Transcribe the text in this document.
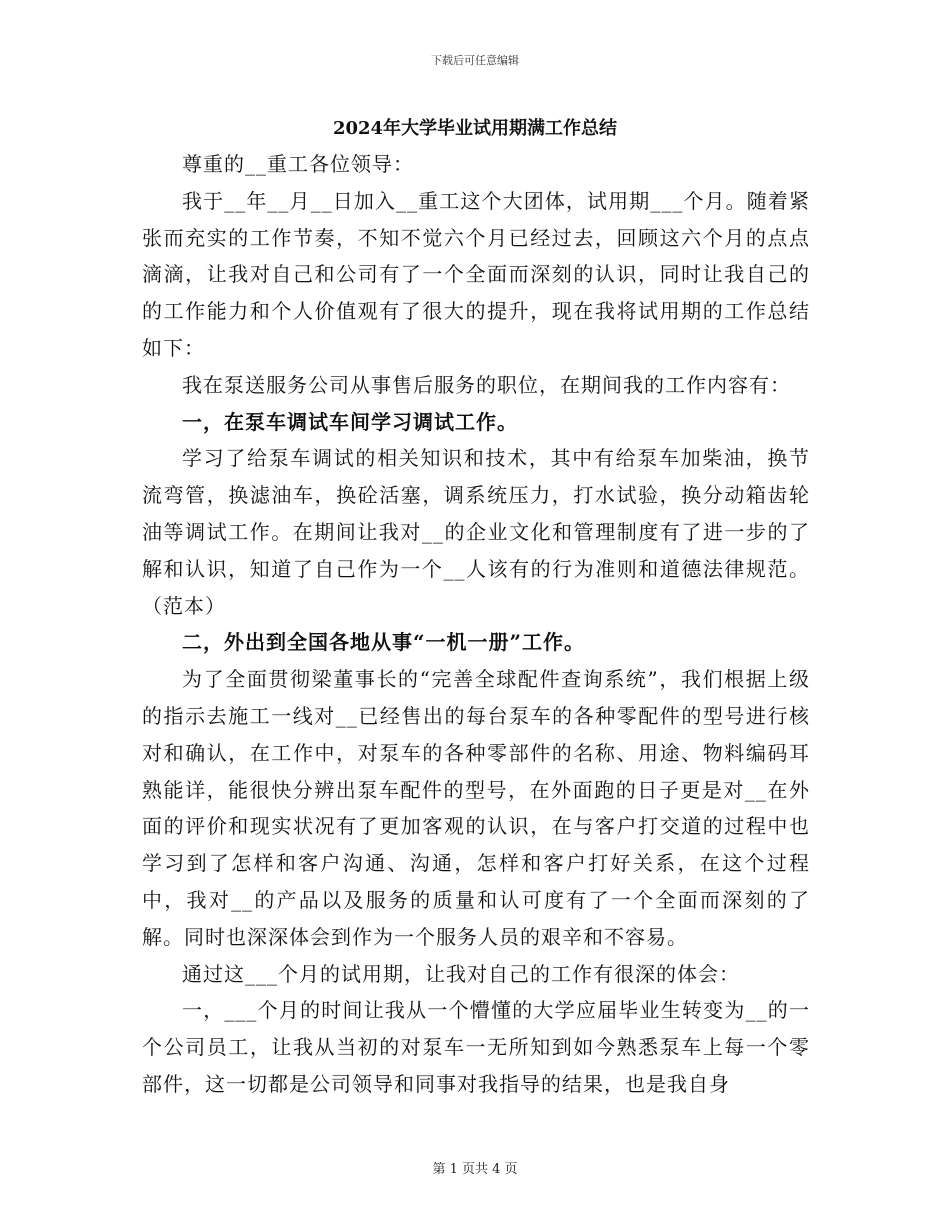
下载后可任意编辑
2024年大学毕业试用期满工作总结

尊重的__重工各位领导：

我于__年__月__日加入__重工这个大团体，试用期___个月。随着紧张而充实的工作节奏，不知不觉六个月已经过去，回顾这六个月的点点滴滴，让我对自己和公司有了一个全面而深刻的认识，同时让我自己的的工作能力和个人价值观有了很大的提升，现在我将试用期的工作总结如下：

我在泵送服务公司从事售后服务的职位，在期间我的工作内容有：

一，在泵车调试车间学习调试工作。

学习了给泵车调试的相关知识和技术，其中有给泵车加柴油，换节流弯管，换滤油车，换砼活塞，调系统压力，打水试验，换分动箱齿轮油等调试工作。在期间让我对__的企业文化和管理制度有了进一步的了解和认识，知道了自己作为一个__人该有的行为准则和道德法律规范。（范本）

二，外出到全国各地从事“一机一册”工作。

为了全面贯彻梁董事长的“完善全球配件查询系统”，我们根据上级的指示去施工一线对__已经售出的每台泵车的各种零配件的型号进行核对和确认，在工作中，对泵车的各种零部件的名称、用途、物料编码耳熟能详，能很快分辨出泵车配件的型号，在外面跑的日子更是对__在外面的评价和现实状况有了更加客观的认识，在与客户打交道的过程中也学习到了怎样和客户沟通、沟通，怎样和客户打好关系，在这个过程中，我对__的产品以及服务的质量和认可度有了一个全面而深刻的了解。同时也深深体会到作为一个服务人员的艰辛和不容易。

通过这___个月的试用期，让我对自己的工作有很深的体会：

一，___个月的时间让我从一个懵懂的大学应届毕业生转变为__的一个公司员工，让我从当初的对泵车一无所知到如今熟悉泵车上每一个零部件，这一切都是公司领导和同事对我指导的结果，也是我自身

第 1 页共 4 页
